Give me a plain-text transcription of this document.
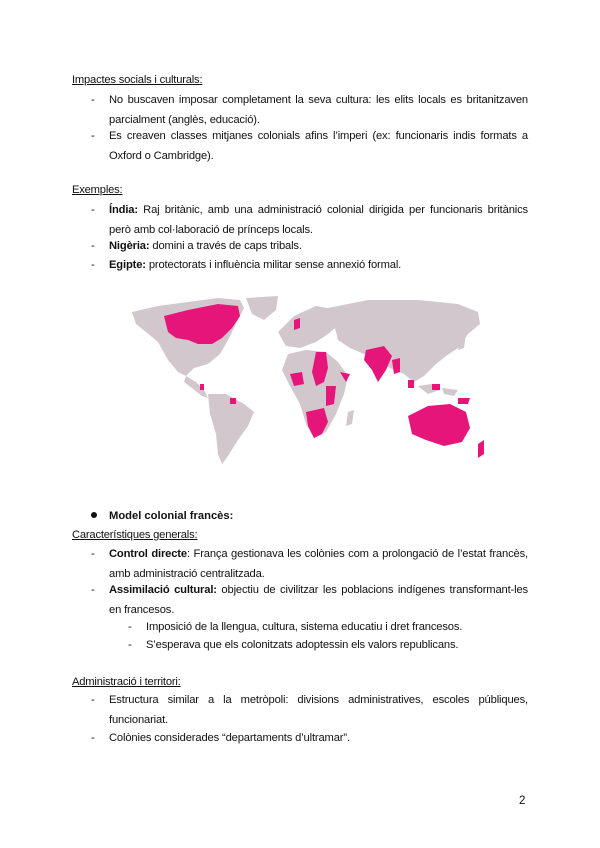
Impactes socials i culturals:
- No buscaven imposar completament la seva cultura: les elits locals es britanitzaven parcialment (anglès, educació).
- Es creaven classes mitjanes colonials afins l’imperi (ex: funcionaris indis formats a Oxford o Cambridge).
Exemples:
- Índia: Raj britànic, amb una administració colonial dirigida per funcionaris britànics però amb col·laboració de prínceps locals.
- Nigèria: domini a través de caps tribals.
- Egipte: protectorats i influència militar sense annexió formal.
Model colonial francès:
Característiques generals:
- Control directe: França gestionava les colònies com a prolongació de l’estat francès, amb administració centralitzada.
- Assimilació cultural: objectiu de civilitzar les poblacions indígenes transformant-les en francesos.
- Imposició de la llengua, cultura, sistema educatiu i dret francesos.
- S’esperava que els colonitzats adoptessin els valors republicans.
Administració i territori:
- Estructura similar a la metròpoli: divisions administratives, escoles públiques, funcionariat.
- Colònies considerades “departaments d’ultramar”.
2
